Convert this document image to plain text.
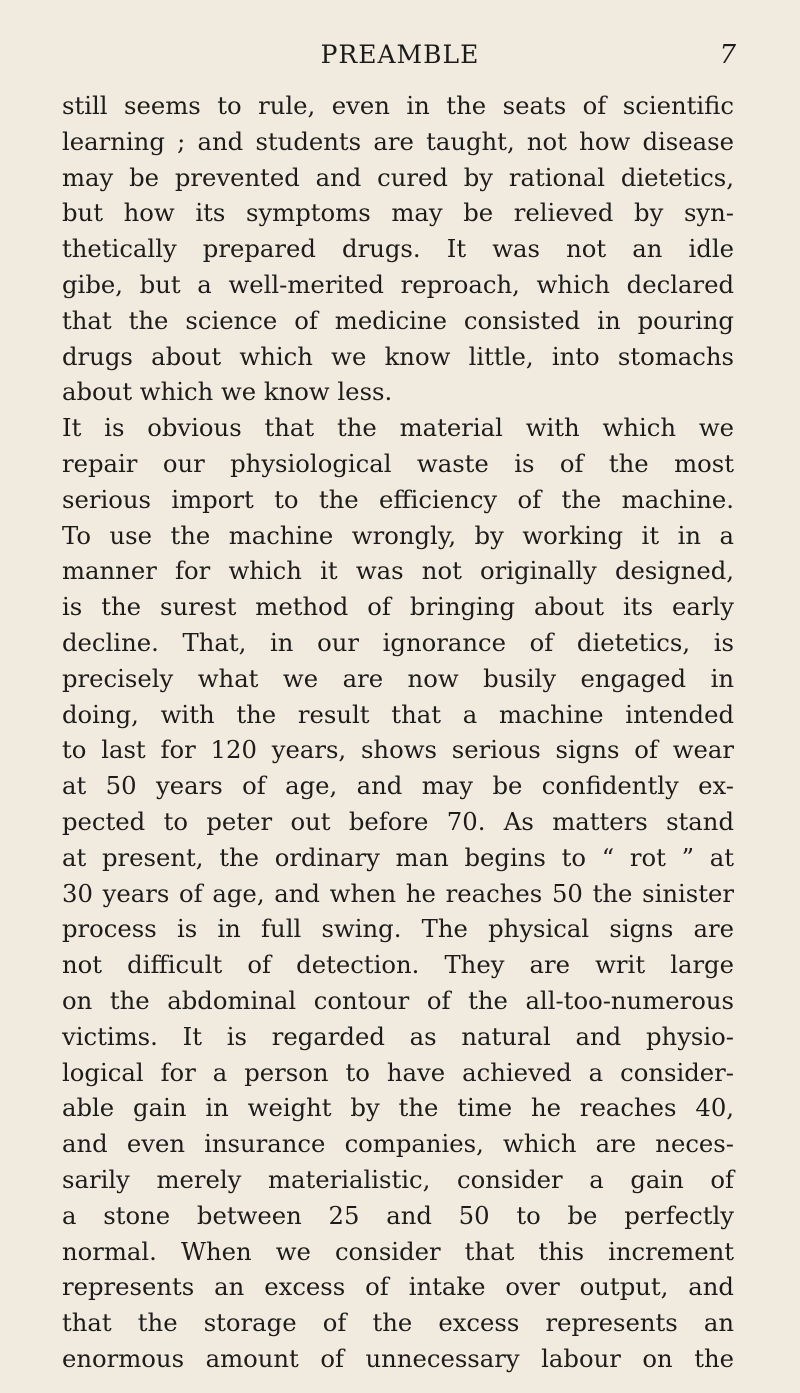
PREAMBLE	7
still seems to rule, even in the seats of scientific
learning ; and students are taught, not how disease
may be prevented and cured by rational dietetics,
but how its symptoms may be relieved by syn-
thetically prepared drugs. It was not an idle
gibe, but a well-merited reproach, which declared
that the science of medicine consisted in pouring
drugs about which we know little, into stomachs
about which we know less.
It is obvious that the material with which we
repair our physiological waste is of the most
serious import to the efficiency of the machine.
To use the machine wrongly, by working it in a
manner for which it was not originally designed,
is the surest method of bringing about its early
decline. That, in our ignorance of dietetics, is
precisely what we are now busily engaged in
doing, with the result that a machine intended
to last for 120 years, shows serious signs of wear
at 50 years of age, and may be confidently ex-
pected to peter out before 70. As matters stand
at present, the ordinary man begins to “ rot ” at
30 years of age, and when he reaches 50 the sinister
process is in full swing. The physical signs are
not difficult of detection. They are writ large
on the abdominal contour of the all-too-numerous
victims. It is regarded as natural and physio-
logical for a person to have achieved a consider-
able gain in weight by the time he reaches 40,
and even insurance companies, which are neces-
sarily merely materialistic, consider a gain of
a stone between 25 and 50 to be perfectly
normal. When we consider that this increment
represents an excess of intake over output, and
that the storage of the excess represents an
enormous amount of unnecessary labour on the
